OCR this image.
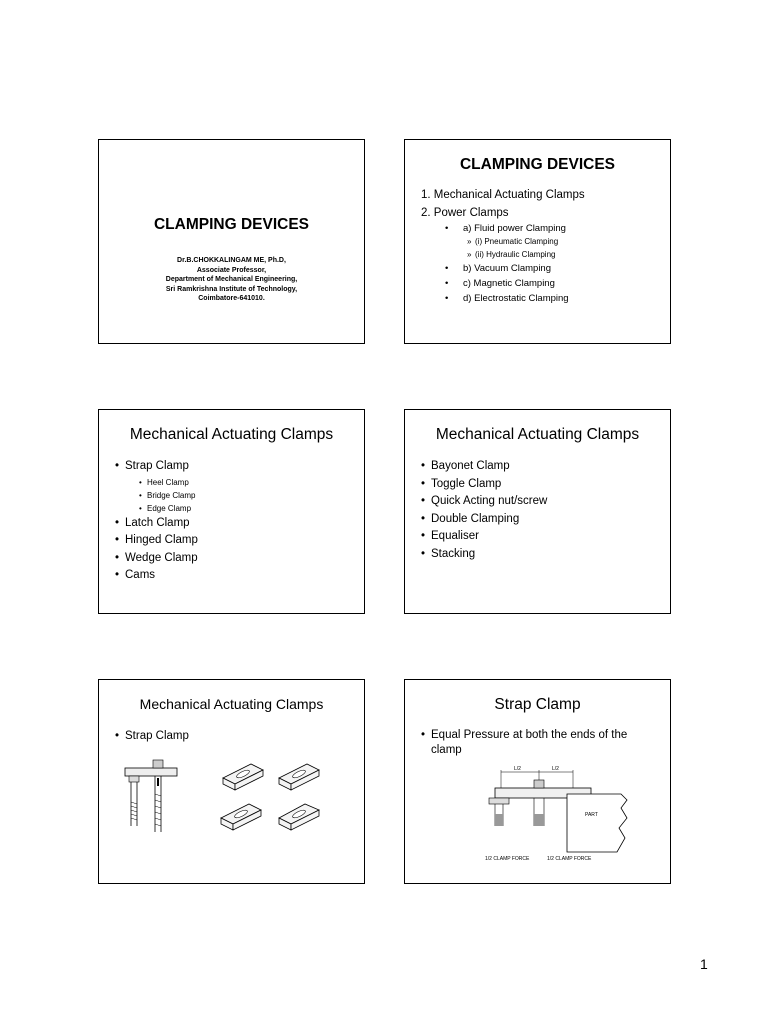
CLAMPING DEVICES
Dr.B.CHOKKALINGAM ME, Ph.D,
Associate Professor,
Department of Mechanical Engineering,
Sri Ramkrishna Institute of Technology,
Coimbatore-641010.
CLAMPING DEVICES
1. Mechanical Actuating Clamps
2. Power Clamps
• a) Fluid power Clamping
» (i) Pneumatic Clamping
» (ii) Hydraulic Clamping
• b) Vacuum Clamping
• c) Magnetic Clamping
• d) Electrostatic Clamping
Mechanical Actuating Clamps
• Strap Clamp
• Heel Clamp
• Bridge Clamp
• Edge Clamp
• Latch Clamp
• Hinged Clamp
• Wedge Clamp
• Cams
Mechanical Actuating Clamps
• Bayonet Clamp
• Toggle Clamp
• Quick Acting nut/screw
• Double Clamping
• Equaliser
• Stacking
Mechanical Actuating Clamps
• Strap Clamp
Strap Clamp
• Equal Pressure at both the ends of the clamp
L/2	L/2
PART
1/2 CLAMP FORCE	1/2 CLAMP FORCE
1
